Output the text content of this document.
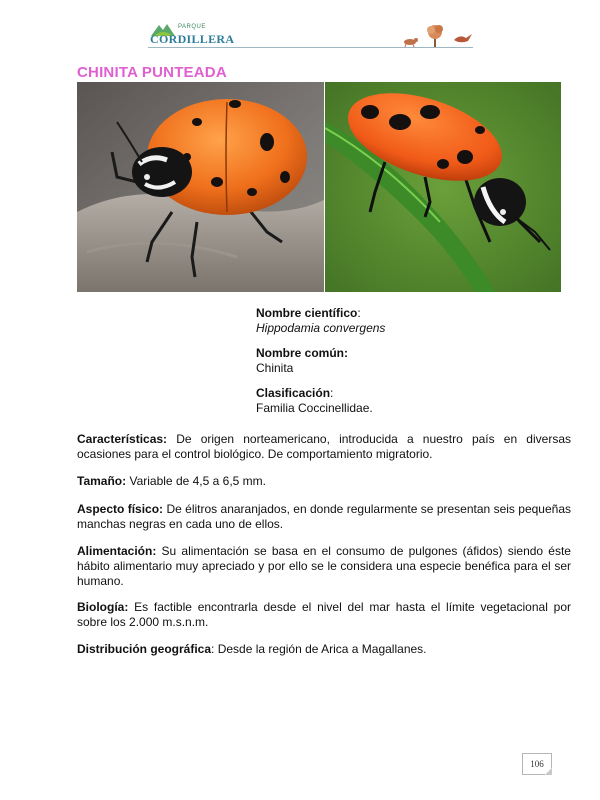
PARQUE
CORDILLERA
CHINITA PUNTEADA
Nombre científico:
Hippodamia convergens
Nombre común:
Chinita
Clasificación:
Familia Coccinellidae.
Características: De origen norteamericano, introducida a nuestro país en diversas ocasiones para el control biológico. De comportamiento migratorio.
Tamaño: Variable de 4,5 a 6,5 mm.
Aspecto físico: De élitros anaranjados, en donde regularmente se presentan seis pequeñas manchas negras en cada uno de ellos.
Alimentación: Su alimentación se basa en el consumo de pulgones (áfidos) siendo éste hábito alimentario muy apreciado y por ello se le considera una especie benéfica para el ser humano.
Biología: Es factible encontrarla desde el nivel del mar hasta el límite vegetacional por sobre los 2.000 m.s.n.m.
Distribución geográfica: Desde la región de Arica a Magallanes.
106
